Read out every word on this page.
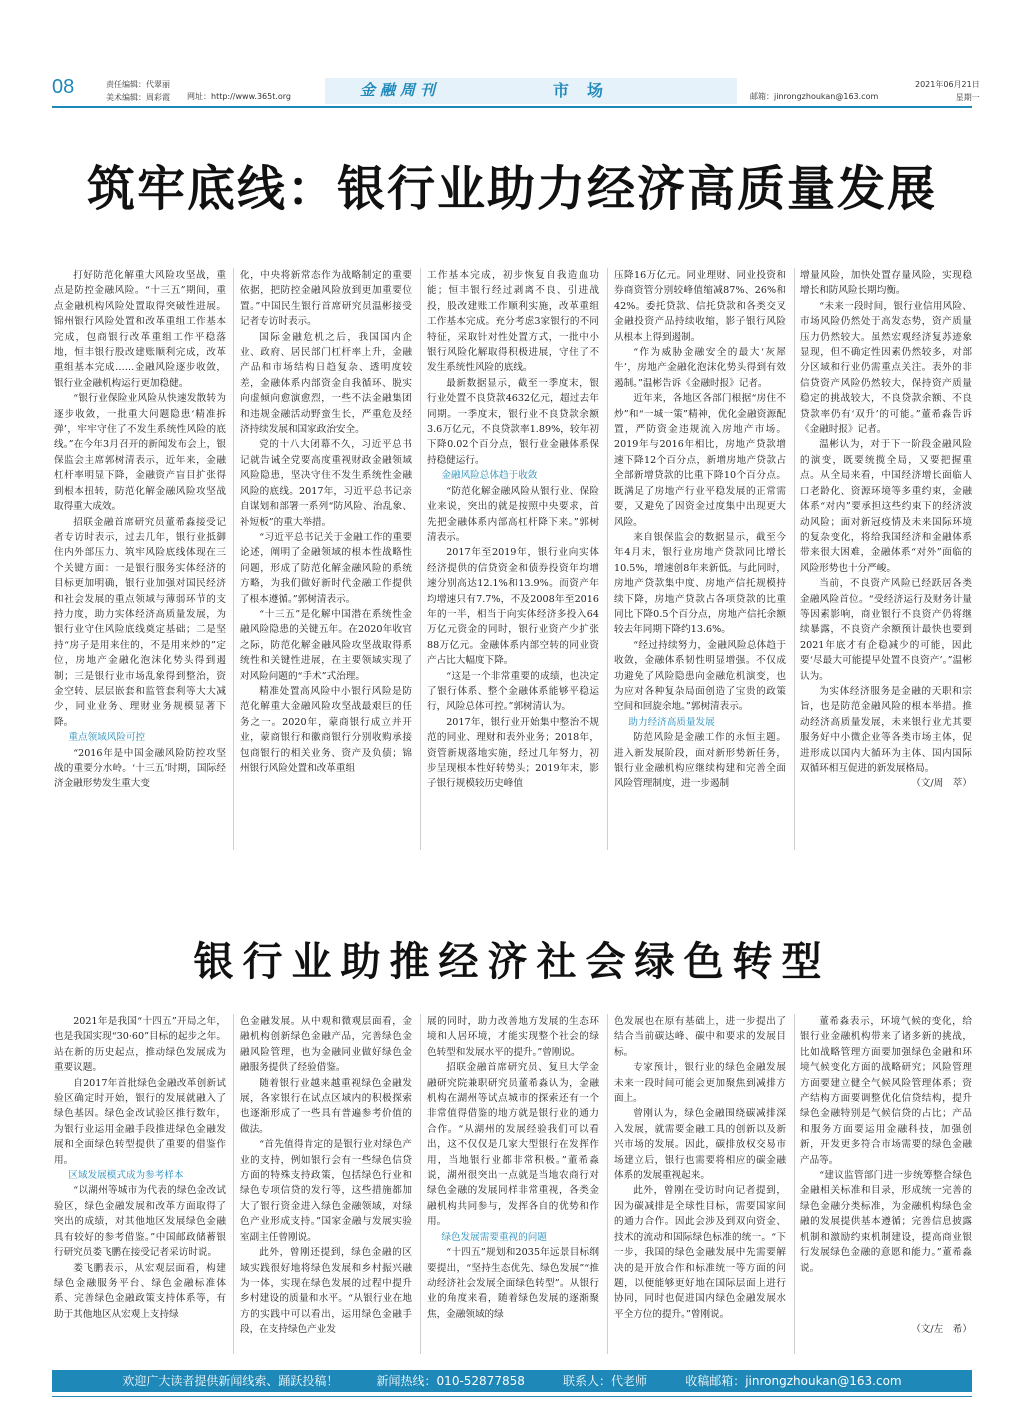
08	责任编辑：代翠丽
美术编辑：周彩霞 网址：http://www.365t.org	金融周刊	市场	邮箱：jinrongzhoukan@163.com
2021年06月21日
星期一
筑牢底线：银行业助力经济高质量发展

打好防范化解重大风险攻坚战，重点是防控金融风险。“十三五”期间，重点金融机构风险处置取得突破性进展。锦州银行风险处置和改革重组工作基本完成，包商银行改革重组工作平稳落地，恒丰银行股改建账顺利完成，改革重组基本完成……金融风险逐步收敛，银行业金融机构运行更加稳健。

“银行业保险业风险从快速发散转为逐步收敛，一批重大问题隐患‘精准拆弹’，牢牢守住了不发生系统性风险的底线。”在今年3月召开的新闻发布会上，银保监会主席郭树清表示，近年来，金融杠杆率明显下降，金融资产盲目扩张得到根本扭转，防范化解金融风险攻坚战取得重大成效。

招联金融首席研究员董希淼接受记者专访时表示，过去几年，银行业抵御住内外部压力、筑牢风险底线体现在三个关键方面：一是银行服务实体经济的目标更加明确，银行业加强对国民经济和社会发展的重点领域与薄弱环节的支持力度，助力实体经济高质量发展，为银行业守住风险底线奠定基础；二是坚持“房子是用来住的，不是用来炒的”定位，房地产金融化泡沫化势头得到遏制；三是银行业市场乱象得到整治，资金空转、层层嵌套和监管套利等大大减少，同业业务、理财业务规模显著下降。

重点领域风险可控

“2016年是中国金融风险防控攻坚战的重要分水岭。‘十三五’时期，国际经济金融形势发生重大变

化，中央将新常态作为战略制定的重要依据，把防控金融风险放到更加重要位置。”中国民生银行首席研究员温彬接受记者专访时表示。

国际金融危机之后，我国国内企业、政府、居民部门杠杆率上升，金融产品和市场结构日趋复杂、透明度较差，金融体系内部资金自我循环、脱实向虚倾向愈演愈烈，一些不法金融集团和违规金融活动野蛮生长，严重危及经济持续发展和国家政治安全。

党的十八大闭幕不久，习近平总书记就告诫全党要高度重视财政金融领域风险隐患，坚决守住不发生系统性金融风险的底线。2017年，习近平总书记亲自谋划和部署一系列“防风险、治乱象、补短板”的重大举措。

“习近平总书记关于金融工作的重要论述，阐明了金融领域的根本性战略性问题，形成了防范化解金融风险的系统方略，为我们做好新时代金融工作提供了根本遵循。”郭树清表示。

“十三五”是化解中国潜在系统性金融风险隐患的关键五年。在2020年收官之际，防范化解金融风险攻坚战取得系统性和关键性进展，在主要领域实现了对风险问题的“手术”式治理。

精准处置高风险中小银行风险是防范化解重大金融风险攻坚战最艰巨的任务之一。2020年，蒙商银行成立并开业，蒙商银行和徽商银行分别收购承接包商银行的相关业务、资产及负债；锦州银行风险处置和改革重组

工作基本完成，初步恢复自我造血功能；恒丰银行经过剥离不良、引进战投，股改建账工作顺利实施，改革重组工作基本完成。充分考虑3家银行的不同特征，采取针对性处置方式，一批中小银行风险化解取得积极进展，守住了不发生系统性风险的底线。

最新数据显示，截至一季度末，银行业处置不良贷款4632亿元，超过去年同期。一季度末，银行业不良贷款余额3.6万亿元，不良贷款率1.89%，较年初下降0.02个百分点，银行业金融体系保持稳健运行。

金融风险总体趋于收敛

“防范化解金融风险从银行业、保险业来说，突出的就是按照中央要求，首先把金融体系内部高杠杆降下来。”郭树清表示。

2017年至2019年，银行业向实体经济提供的信贷资金和债券投资年均增速分别高达12.1%和13.9%。而资产年均增速只有7.7%，不及2008年至2016年的一半，相当于向实体经济多投入64万亿元资金的同时，银行业资产少扩张88万亿元。金融体系内部空转的同业资产占比大幅度下降。

“这是一个非常重要的成绩，也决定了银行体系、整个金融体系能够平稳运行，风险总体可控。”郭树清认为。

2017年，银行业开始集中整治不规范的同业、理财和表外业务；2018年，资管新规落地实施，经过几年努力，初步呈现根本性好转势头；2019年末，影子银行规模较历史峰值

压降16万亿元。同业理财、同业投资和券商资管分别较峰值缩减87%、26%和42%。委托贷款、信托贷款和各类交叉金融投资产品持续收缩，影子银行风险从根本上得到遏制。

“作为威胁金融安全的最大‘灰犀牛’，房地产金融化泡沫化势头得到有效遏制。”温彬告诉《金融时报》记者。

近年来，各地区各部门根据“房住不炒”和“一城一策”精神，优化金融资源配置，严防资金违规流入房地产市场。2019年与2016年相比，房地产贷款增速下降12个百分点，新增房地产贷款占全部新增贷款的比重下降10个百分点。既满足了房地产行业平稳发展的正常需要，又避免了因资金过度集中出现更大风险。

来自银保监会的数据显示，截至今年4月末，银行业房地产贷款同比增长10.5%，增速创8年来新低。与此同时，房地产贷款集中度、房地产信托规模持续下降，房地产贷款占各项贷款的比重同比下降0.5个百分点，房地产信托余额较去年同期下降约13.6%。

“经过持续努力，金融风险总体趋于收敛，金融体系韧性明显增强。不仅成功避免了风险隐患向金融危机演变，也为应对各种复杂局面创造了宝贵的政策空间和回旋余地。”郭树清表示。

助力经济高质量发展

防范风险是金融工作的永恒主题。进入新发展阶段，面对新形势新任务，银行业金融机构应继续构建和完善全面风险管理制度，进一步遏制

增量风险，加快处置存量风险，实现稳增长和防风险长期均衡。

“未来一段时间，银行业信用风险、市场风险仍然处于高发态势，资产质量压力仍然较大。虽然宏观经济复苏迹象显现，但不确定性因素仍然较多，对部分区域和行业仍需重点关注。表外的非信贷资产风险仍然较大，保持资产质量稳定的挑战较大，不良贷款余额、不良贷款率仍有‘双升’的可能。”董希淼告诉《金融时报》记者。

温彬认为，对于下一阶段金融风险的演变，既要统揽全局，又要把握重点。从全局来看，中国经济增长面临人口老龄化、资源环境等多重约束，金融体系“对内”要承担这些约束下的经济波动风险；面对新冠疫情及未来国际环境的复杂变化，将给我国经济和金融体系带来很大困难，金融体系“对外”面临的风险形势也十分严峻。

当前，不良资产风险已经跃居各类金融风险首位。“受经济运行及财务计量等因素影响，商业银行不良资产仍将继续暴露，不良资产余额预计最快也要到2021年底才有企稳减少的可能，因此要‘尽最大可能提早处置不良资产’。”温彬认为。

为实体经济服务是金融的天职和宗旨，也是防范金融风险的根本举措。推动经济高质量发展，未来银行业尤其要服务好中小微企业等各类市场主体，促进形成以国内大循环为主体、国内国际双循环相互促进的新发展格局。

（文/周　萃）

银行业助推经济社会绿色转型

2021年是我国“十四五”开局之年，也是我国实现“30·60”目标的起步之年。站在新的历史起点，推动绿色发展成为重要议题。

自2017年首批绿色金融改革创新试验区确定时开始，银行的发展就融入了绿色基因。绿色金改试验区推行数年，为银行业运用金融手段推进绿色金融发展和全面绿色转型提供了重要的借鉴作用。

区域发展模式成为参考样本

“以湖州等城市为代表的绿色金改试验区，绿色金融发展和改革方面取得了突出的成绩，对其他地区发展绿色金融具有较好的参考借鉴。”中国邮政储蓄银行研究员娄飞鹏在接受记者采访时说。

娄飞鹏表示，从宏观层面看，构建绿色金融服务平台、绿色金融标准体系、完善绿色金融政策支持体系等，有助于其他地区从宏观上支持绿

色金融发展。从中观和微观层面看，金融机构创新绿色金融产品，完善绿色金融风险管理，也为金融同业做好绿色金融服务提供了经验借鉴。

随着银行业越来越重视绿色金融发展，各家银行在试点区域内的积极探索也逐渐形成了一些具有普遍参考价值的做法。

“首先值得肯定的是银行业对绿色产业的支持，例如银行会有一些绿色信贷方面的特殊支持政策，包括绿色行业和绿色专项信贷的发行等，这些措施都加大了银行资金进入绿色金融领域，对绿色产业形成支持。”国家金融与发展实验室副主任曾刚说。

此外，曾刚还提到，绿色金融的区域实践很好地将绿色发展和乡村振兴融为一体，实现在绿色发展的过程中提升乡村建设的质量和水平。“从银行业在地方的实践中可以看出，运用绿色金融手段，在支持绿色产业发

展的同时，助力改善地方发展的生态环境和人居环境，才能实现整个社会的绿色转型和发展水平的提升。”曾刚说。

招联金融首席研究员、复旦大学金融研究院兼职研究员董希淼认为，金融机构在湖州等试点城市的探索还有一个非常值得借鉴的地方就是银行业的通力合作。“从湖州的发展经验我们可以看出，这不仅仅是几家大型银行在发挥作用，当地银行业都非常积极。”董希淼说，湖州很突出一点就是当地农商行对绿色金融的发展同样非常重视，各类金融机构共同参与，发挥各自的优势和作用。

绿色发展需要重视的问题

“十四五”规划和2035年远景目标纲要提出，“坚持生态优先、绿色发展”“推动经济社会发展全面绿色转型”。从银行业的角度来看，随着绿色发展的逐渐聚焦，金融领域的绿

色发展也在原有基础上，进一步提出了结合当前碳达峰、碳中和要求的发展目标。

专家预计，银行业的绿色金融发展未来一段时间可能会更加聚焦到减排方面上。

曾刚认为，绿色金融围绕碳减排深入发展，就需要金融工具的创新以及新兴市场的发展。因此，碳排放权交易市场建立后，银行也需要将相应的碳金融体系的发展重视起来。

此外，曾刚在受访时向记者提到，因为碳减排是全球性目标，需要国家间的通力合作。因此会涉及到双向资金、技术的流动和国际绿色标准的统一。“下一步，我国的绿色金融发展中先需要解决的是开放合作和标准统一等方面的问题，以便能够更好地在国际层面上进行协同，同时也促进国内绿色金融发展水平全方位的提升。”曾刚说。

董希淼表示，环境气候的变化，给银行业金融机构带来了诸多新的挑战，比如战略管理方面要加强绿色金融和环境气候变化方面的战略研究；风险管理方面要建立健全气候风险管理体系；资产结构方面要调整优化信贷结构，提升绿色金融特别是气候信贷的占比；产品和服务方面要运用金融科技，加强创新，开发更多符合市场需要的绿色金融产品等。

“建议监管部门进一步统筹整合绿色金融相关标准和目录，形成统一完善的绿色金融分类标准，为金融机构绿色金融的发展提供基本遵循；完善信息披露机制和激励约束机制建设，提高商业银行发展绿色金融的意愿和能力。”董希淼说。

（文/左　希）

欢迎广大读者提供新闻线索、踊跃投稿！	新闻热线：010-52877858	联系人：代老师	收稿邮箱：jinrongzhoukan@163.com
